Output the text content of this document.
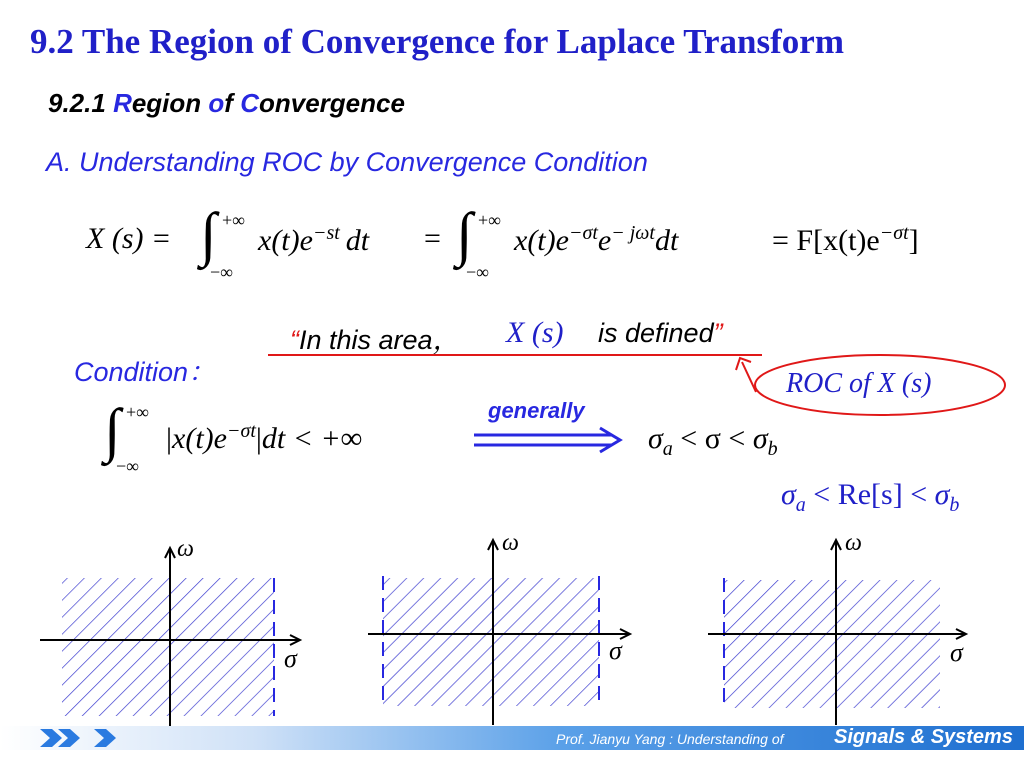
9.2 The Region of Convergence for Laplace Transform
9.2.1 Region of Convergence
A. Understanding ROC by Convergence Condition
X (s) = ∫ +∞
−∞
$x(t)e^{-st}$ dt = ∫ +∞
−∞
$x(t)e^{-\sigma t}e^{- j\omega t}dt$	= $F[x(t)e^{-\sigma t}]$
“In this area， X (s) is defined”
Condition：
∫ +∞
−∞
$|x(t)e^{-\sigma t}|dt$ < +∞
generally
$\sigma_a < \sigma < \sigma_b$
ROC of X (s)
$\sigma_a < Re[s] < \sigma_b$
ω
σ
ω
σ
ω
σ
Prof. Jianyu Yang : Understanding of	Signals & Systems
